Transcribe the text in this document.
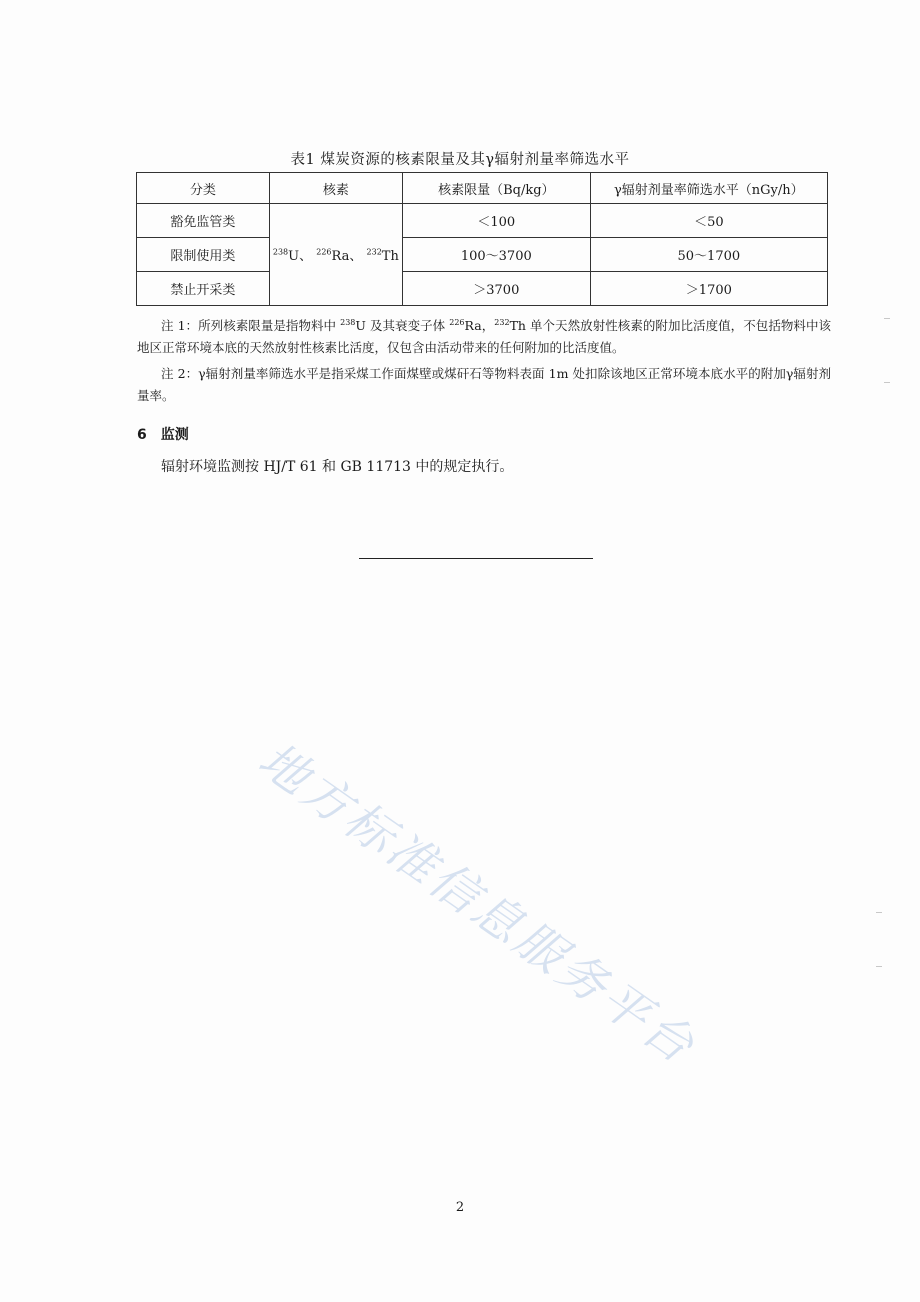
表1 煤炭资源的核素限量及其γ辐射剂量率筛选水平
分类	核素	核素限量（Bq/kg）	γ辐射剂量率筛选水平（nGy/h）
豁免监管类	$^{238}$U、 $^{226}$Ra、 $^{232}$Th	＜100	＜50
限制使用类		100～3700	50～1700
禁止开采类		＞3700	＞1700
注 1：所列核素限量是指物料中 $^{238}$U 及其衰变子体 $^{226}$Ra，$^{232}$Th 单个天然放射性核素的附加比活度值，不包括物料中该地区正常环境本底的天然放射性核素比活度，仅包含由活动带来的任何附加的比活度值。
注 2：γ辐射剂量率筛选水平是指采煤工作面煤壁或煤矸石等物料表面 1m 处扣除该地区正常环境本底水平的附加γ辐射剂量率。
6　监测
辐射环境监测按 HJ/T 61 和 GB 11713 中的规定执行。
地方标准信息服务平台
2
